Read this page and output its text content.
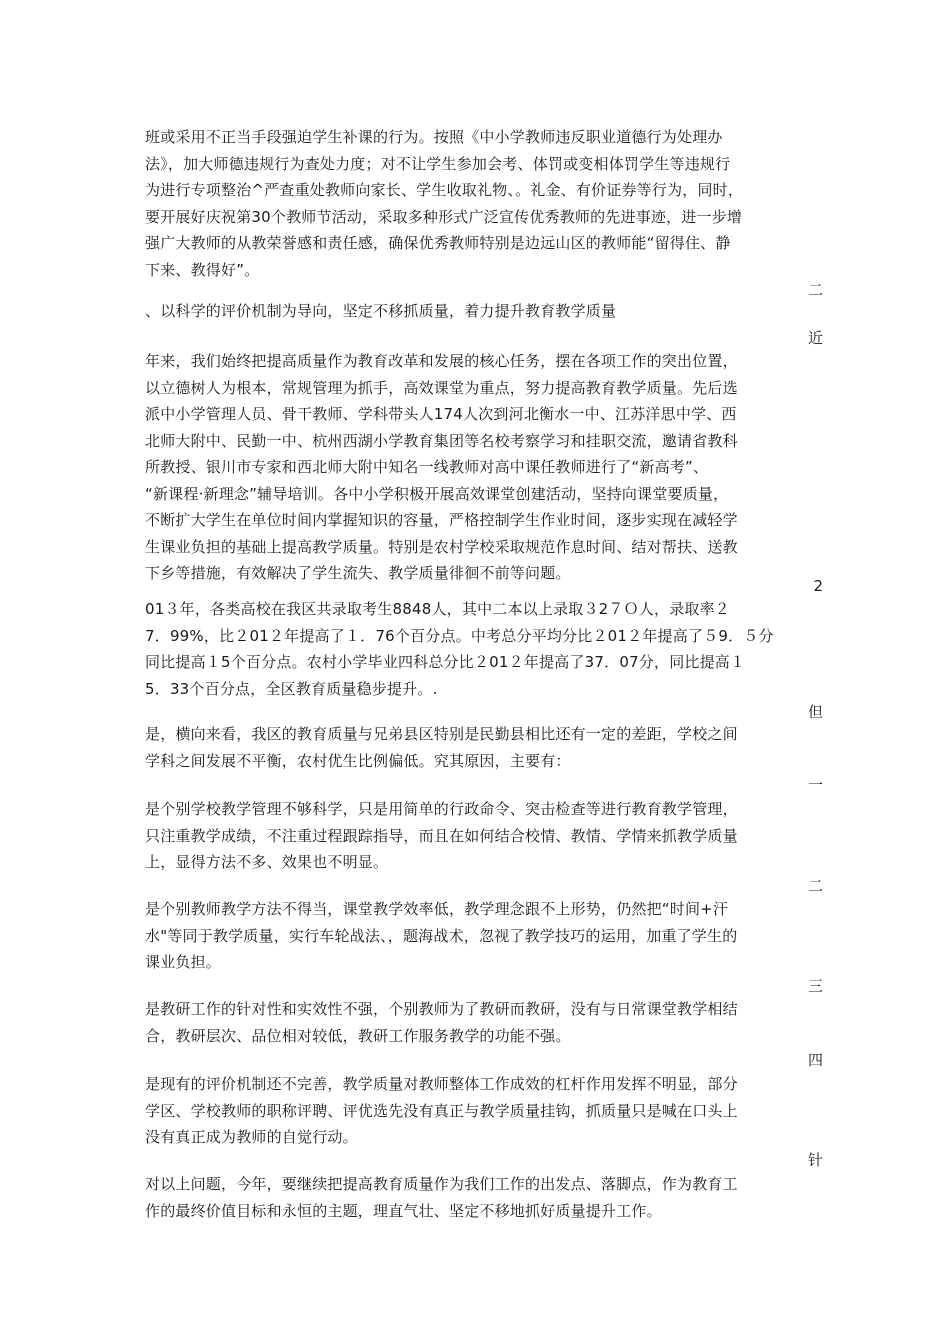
班或采用不正当手段强迫学生补课的行为。按照《中小学教师违反职业道德行为处理办
法》，加大师德违规行为查处力度；对不让学生参加会考、体罚或变相体罚学生等违规行
为进行专项整治^严查重处教师向家长、学生收取礼物、。礼金、有价证券等行为，同时，
要开展好庆祝第30个教师节活动，采取多种形式广泛宣传优秀教师的先进事迹，进一步增
强广大教师的从教荣誉感和责任感，确保优秀教师特别是边远山区的教师能“留得住、静
下来、教得好”。
二
、以科学的评价机制为导向，坚定不移抓质量，着力提升教育教学质量
近
年来，我们始终把提高质量作为教育改革和发展的核心任务，摆在各项工作的突出位置，
以立德树人为根本，常规管理为抓手，高效课堂为重点，努力提高教育教学质量。先后选
派中小学管理人员、骨干教师、学科带头人174人次到河北衡水一中、江苏洋思中学、西
北师大附中、民勤一中、杭州西湖小学教育集团等名校考察学习和挂职交流，邀请省教科
所教授、银川市专家和西北师大附中知名一线教师对高中课任教师进行了“新高考”、
“新课程·新理念”辅导培训。各中小学积极开展高效课堂创建活动，坚持向课堂要质量，
不断扩大学生在单位时间内掌握知识的容量，严格控制学生作业时间，逐步实现在减轻学
生课业负担的基础上提高教学质量。特别是农村学校采取规范作息时间、结对帮扶、送教
下乡等措施，有效解决了学生流失、教学质量徘徊不前等问题。
2
01３年，各类高校在我区共录取考生8848人，其中二本以上录取３2７Ｏ人，录取率２
7．99%，比２01２年提高了１．76个百分点。中考总分平均分比２01２年提高了５9．５分
同比提高１5个百分点。农村小学毕业四科总分比２01２年提高了37．07分，同比提高１
5．33个百分点，全区教育质量稳步提升。.
但
是，横向来看，我区的教育质量与兄弟县区特别是民勤县相比还有一定的差距，学校之间
学科之间发展不平衡，农村优生比例偏低。究其原因，主要有：
一
是个别学校教学管理不够科学，只是用简单的行政命令、突击检查等进行教育教学管理，
只注重教学成绩，不注重过程跟踪指导，而且在如何结合校情、教情、学情来抓教学质量
上，显得方法不多、效果也不明显。
二
是个别教师教学方法不得当，课堂教学效率低，教学理念跟不上形势，仍然把“时间+汗
水"等同于教学质量，实行车轮战法、，题海战术，忽视了教学技巧的运用，加重了学生的
课业负担。
三
是教研工作的针对性和实效性不强，个别教师为了教研而教研，没有与日常课堂教学相结
合，教研层次、品位相对较低，教研工作服务教学的功能不强。
四
是现有的评价机制还不完善，教学质量对教师整体工作成效的杠杆作用发挥不明显，部分
学区、学校教师的职称评聘、评优选先没有真正与教学质量挂钩，抓质量只是喊在口头上
没有真正成为教师的自觉行动。
针
对以上问题，今年，要继续把提高教育质量作为我们工作的出发点、落脚点，作为教育工
作的最终价值目标和永恒的主题，理直气壮、坚定不移地抓好质量提升工作。
